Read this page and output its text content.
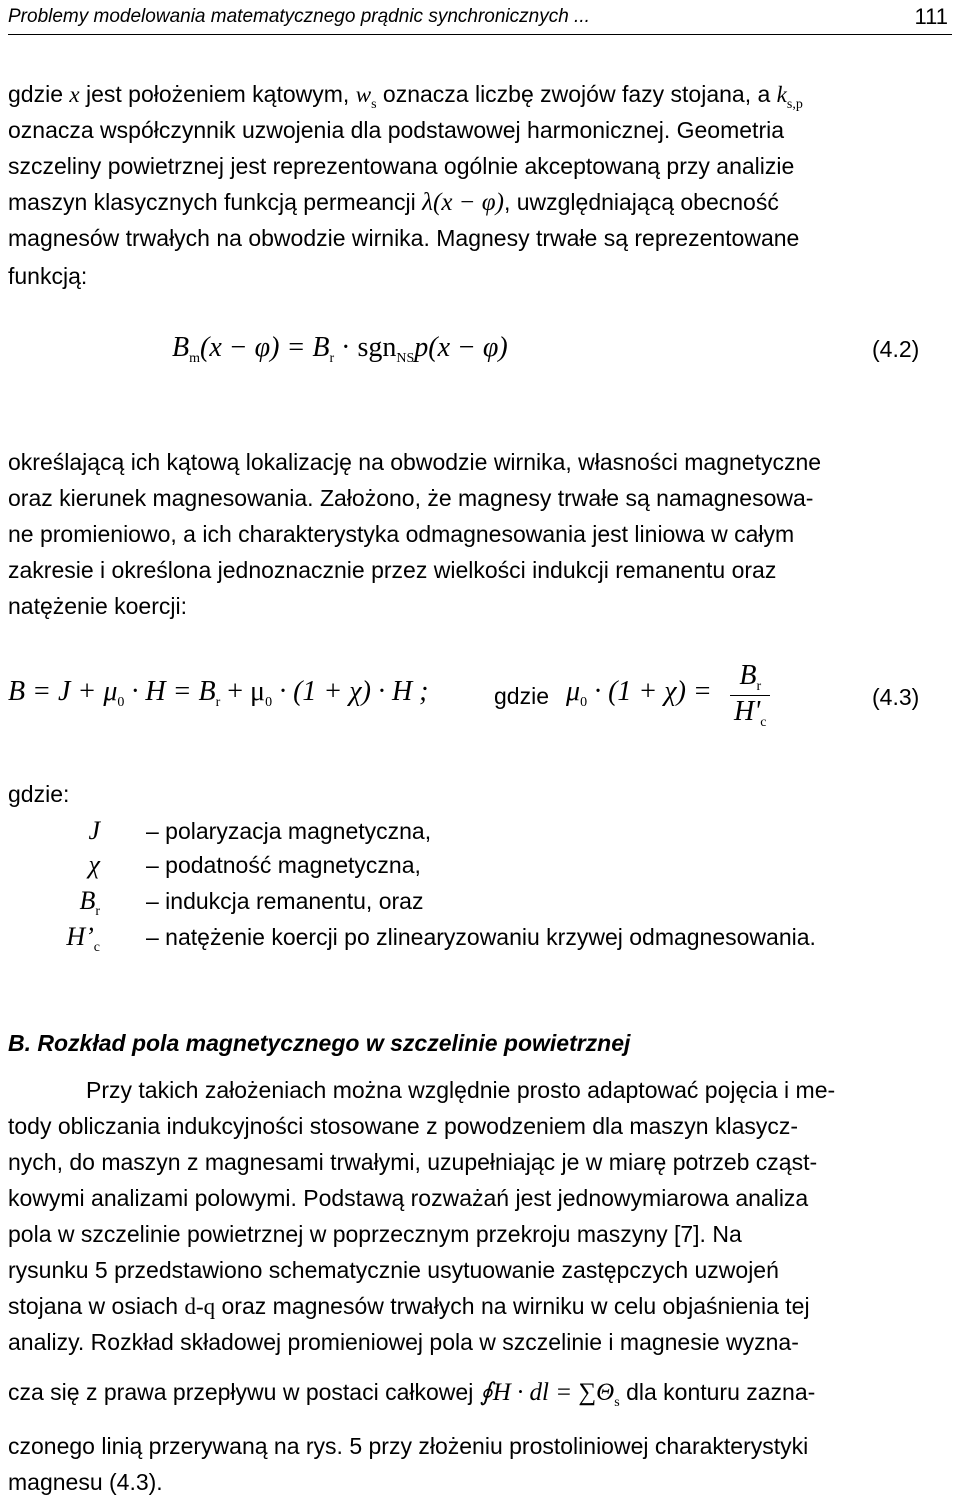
Problemy modelowania matematycznego prądnic synchronicznych ...	111
gdzie x jest położeniem kątowym, $w_s$ oznacza liczbę zwojów fazy stojana, a $k_{s,p}$
oznacza współczynnik uzwojenia dla podstawowej harmonicznej. Geometria
szczeliny powietrznej jest reprezentowana ogólnie akceptowaną przy analizie
maszyn klasycznych funkcją permeancji λ(x − φ), uwzględniającą obecność
magnesów trwałych na obwodzie wirnika. Magnesy trwałe są reprezentowane
funkcją:
$B_m(x - \varphi) = B_r \cdot sgn_{NS}p(x - \varphi)$	(4.2)
określającą ich kątową lokalizację na obwodzie wirnika, własności magnetyczne
oraz kierunek magnesowania. Założono, że magnesy trwałe są namagnesowa-
ne promieniowo, a ich charakterystyka odmagnesowania jest liniowa w całym
zakresie i określona jednoznacznie przez wielkości indukcji remanentu oraz
natężenie koercji:
$B = J + \mu_0 \cdot H = B_r + \mu_0 \cdot (1 + \chi) \cdot H$ ;	gdzie $\mu_0 \cdot (1 + \chi) = \frac{B_r}{H'_c}$	(4.3)
gdzie:
J – polaryzacja magnetyczna,
χ – podatność magnetyczna,
$B_r$ – indukcja remanentu, oraz
$H’_c$ – natężenie koercji po zlinearyzowaniu krzywej odmagnesowania.
B. Rozkład pola magnetycznego w szczelinie powietrznej
Przy takich założeniach można względnie prosto adaptować pojęcia i me-
tody obliczania indukcyjności stosowane z powodzeniem dla maszyn klasycz-
nych, do maszyn z magnesami trwałymi, uzupełniając je w miarę potrzeb cząst-
kowymi analizami polowymi. Podstawą rozważań jest jednowymiarowa analiza
pola w szczelinie powietrznej w poprzecznym przekroju maszyny [7]. Na
rysunku 5 przedstawiono schematycznie usytuowanie zastępczych uzwojeń
stojana w osiach d-q oraz magnesów trwałych na wirniku w celu objaśnienia tej
analizy. Rozkład składowej promieniowej pola w szczelinie i magnesie wyzna-
cza się z prawa przepływu w postaci całkowej ∮H · dl = $\sum\Theta_s$ dla konturu zazna-
czonego linią przerywaną na rys. 5 przy złożeniu prostoliniowej charakterystyki
magnesu (4.3).
